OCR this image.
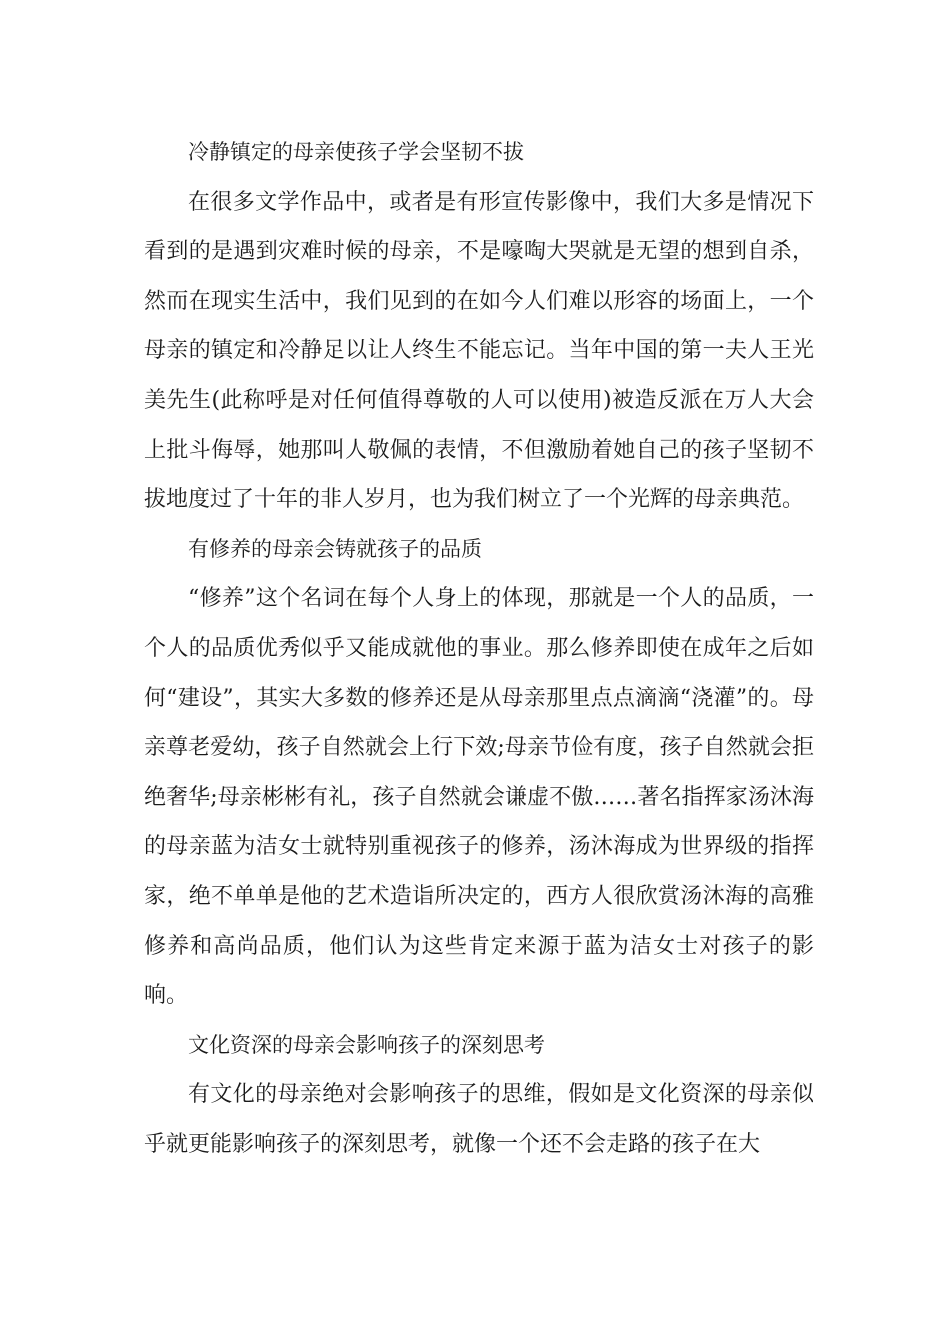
冷静镇定的母亲使孩子学会坚韧不拔

在很多文学作品中，或者是有形宣传影像中，我们大多是情况下看到的是遇到灾难时候的母亲，不是嚎啕大哭就是无望的想到自杀，然而在现实生活中，我们见到的在如今人们难以形容的场面上，一个母亲的镇定和冷静足以让人终生不能忘记。当年中国的第一夫人王光美先生(此称呼是对任何值得尊敬的人可以使用)被造反派在万人大会上批斗侮辱，她那叫人敬佩的表情，不但激励着她自己的孩子坚韧不拔地度过了十年的非人岁月，也为我们树立了一个光辉的母亲典范。

有修养的母亲会铸就孩子的品质

“修养”这个名词在每个人身上的体现，那就是一个人的品质，一个人的品质优秀似乎又能成就他的事业。那么修养即使在成年之后如何“建设”，其实大多数的修养还是从母亲那里点点滴滴“浇灌”的。母亲尊老爱幼，孩子自然就会上行下效;母亲节俭有度，孩子自然就会拒绝奢华;母亲彬彬有礼，孩子自然就会谦虚不傲……著名指挥家汤沐海的母亲蓝为洁女士就特别重视孩子的修养，汤沐海成为世界级的指挥家，绝不单单是他的艺术造诣所决定的，西方人很欣赏汤沐海的高雅修养和高尚品质，他们认为这些肯定来源于蓝为洁女士对孩子的影响。

文化资深的母亲会影响孩子的深刻思考

有文化的母亲绝对会影响孩子的思维，假如是文化资深的母亲似乎就更能影响孩子的深刻思考，就像一个还不会走路的孩子在大
